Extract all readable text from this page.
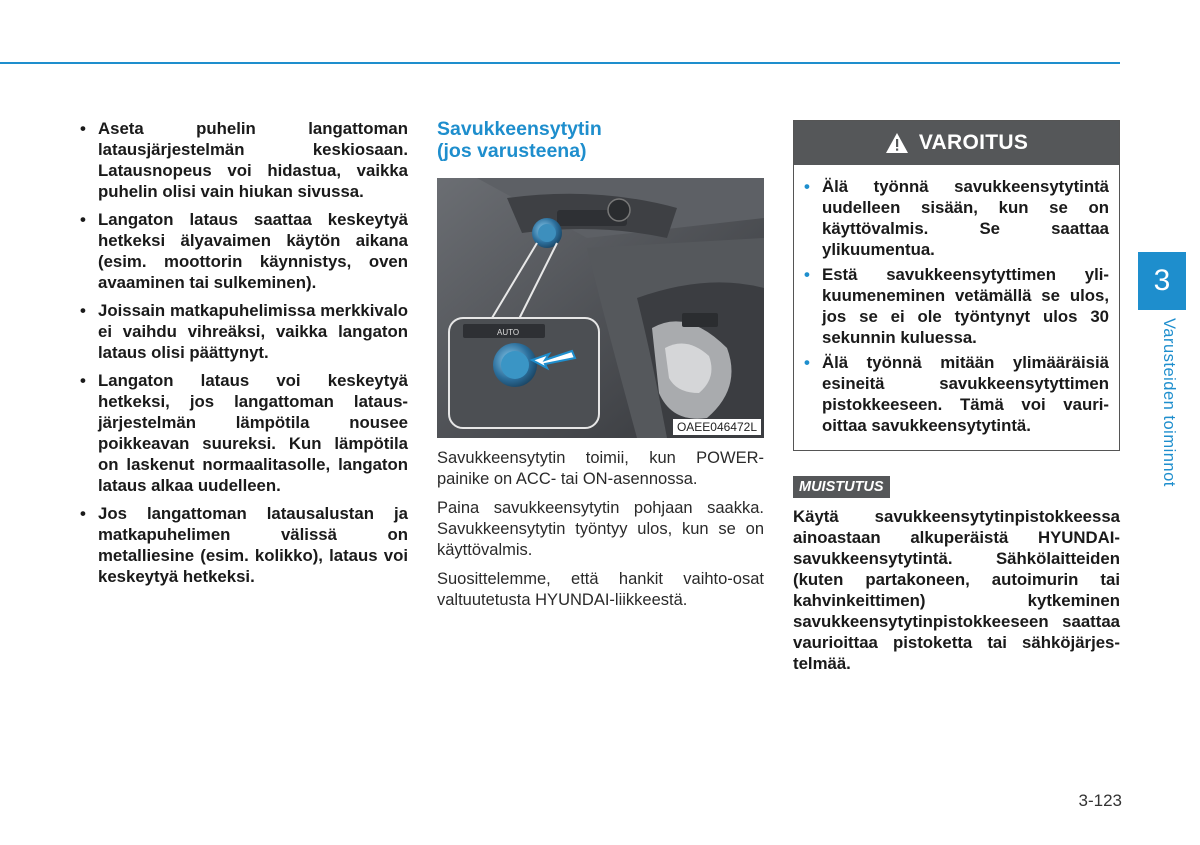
• Aseta puhelin langattoman latausjärjestelmän keskiosaan. Latausnopeus voi hidastua, vaikka puhelin olisi vain hiukan sivussa.
• Langaton lataus saattaa keskeytyä hetkeksi älyavaimen käytön aikana (esim. moottorin käynnistys, oven avaaminen tai sulkeminen).
• Joissain matkapuhelimissa merkkivalo ei vaihdu vihreäksi, vaikka langaton lataus olisi päättynyt.
• Langaton lataus voi keskeytyä hetkeksi, jos langattoman latausjärjestelmän lämpötila nousee poikkeavan suureksi. Kun lämpötila on laskenut normaalitasolle, langaton lataus alkaa uudelleen.
• Jos langattoman latausalustan ja matkapuhelimen välissä on metalliesine (esim. kolikko), lataus voi keskeytyä hetkeksi.
Savukkeensytytin
(jos varusteena)
AUTO
OAEE046472L

Savukkeensytytin toimii, kun POWER-painike on ACC- tai ON-asennossa.

Paina savukkeensytytin pohjaan saakka. Savukkeensytytin työntyy ulos, kun se on käyttövalmis.

Suosittelemme, että hankit vaihto-osat valtuutetusta HYUNDAI-liikkeestä.

VAROITUS
• Älä työnnä savukkeensytytintä uudelleen sisään, kun se on käyttövalmis. Se saattaa ylikuumentua.
• Estä savukkeensytyttimen ylikuumeneminen vetämällä se ulos, jos se ei ole työntynyt ulos 30 sekunnin kuluessa.
• Älä työnnä mitään ylimääräisiä esineitä savukkeensytyttimen pistokkeeseen. Tämä voi vaurioittaa savukkeensytytintä.
MUISTUTUS

Käytä savukkeensytytinpistokkeessa ainoastaan alkuperäistä HYUNDAI-savukkeensytytintä. Sähkölaitteiden (kuten partakoneen, autoimurin tai kahvinkeittimen) kytkeminen savukkeensytytinpistokkeeseen saattaa vaurioittaa pistoketta tai sähköjärjestelmää.

3
Varusteiden toiminnot
3-123
